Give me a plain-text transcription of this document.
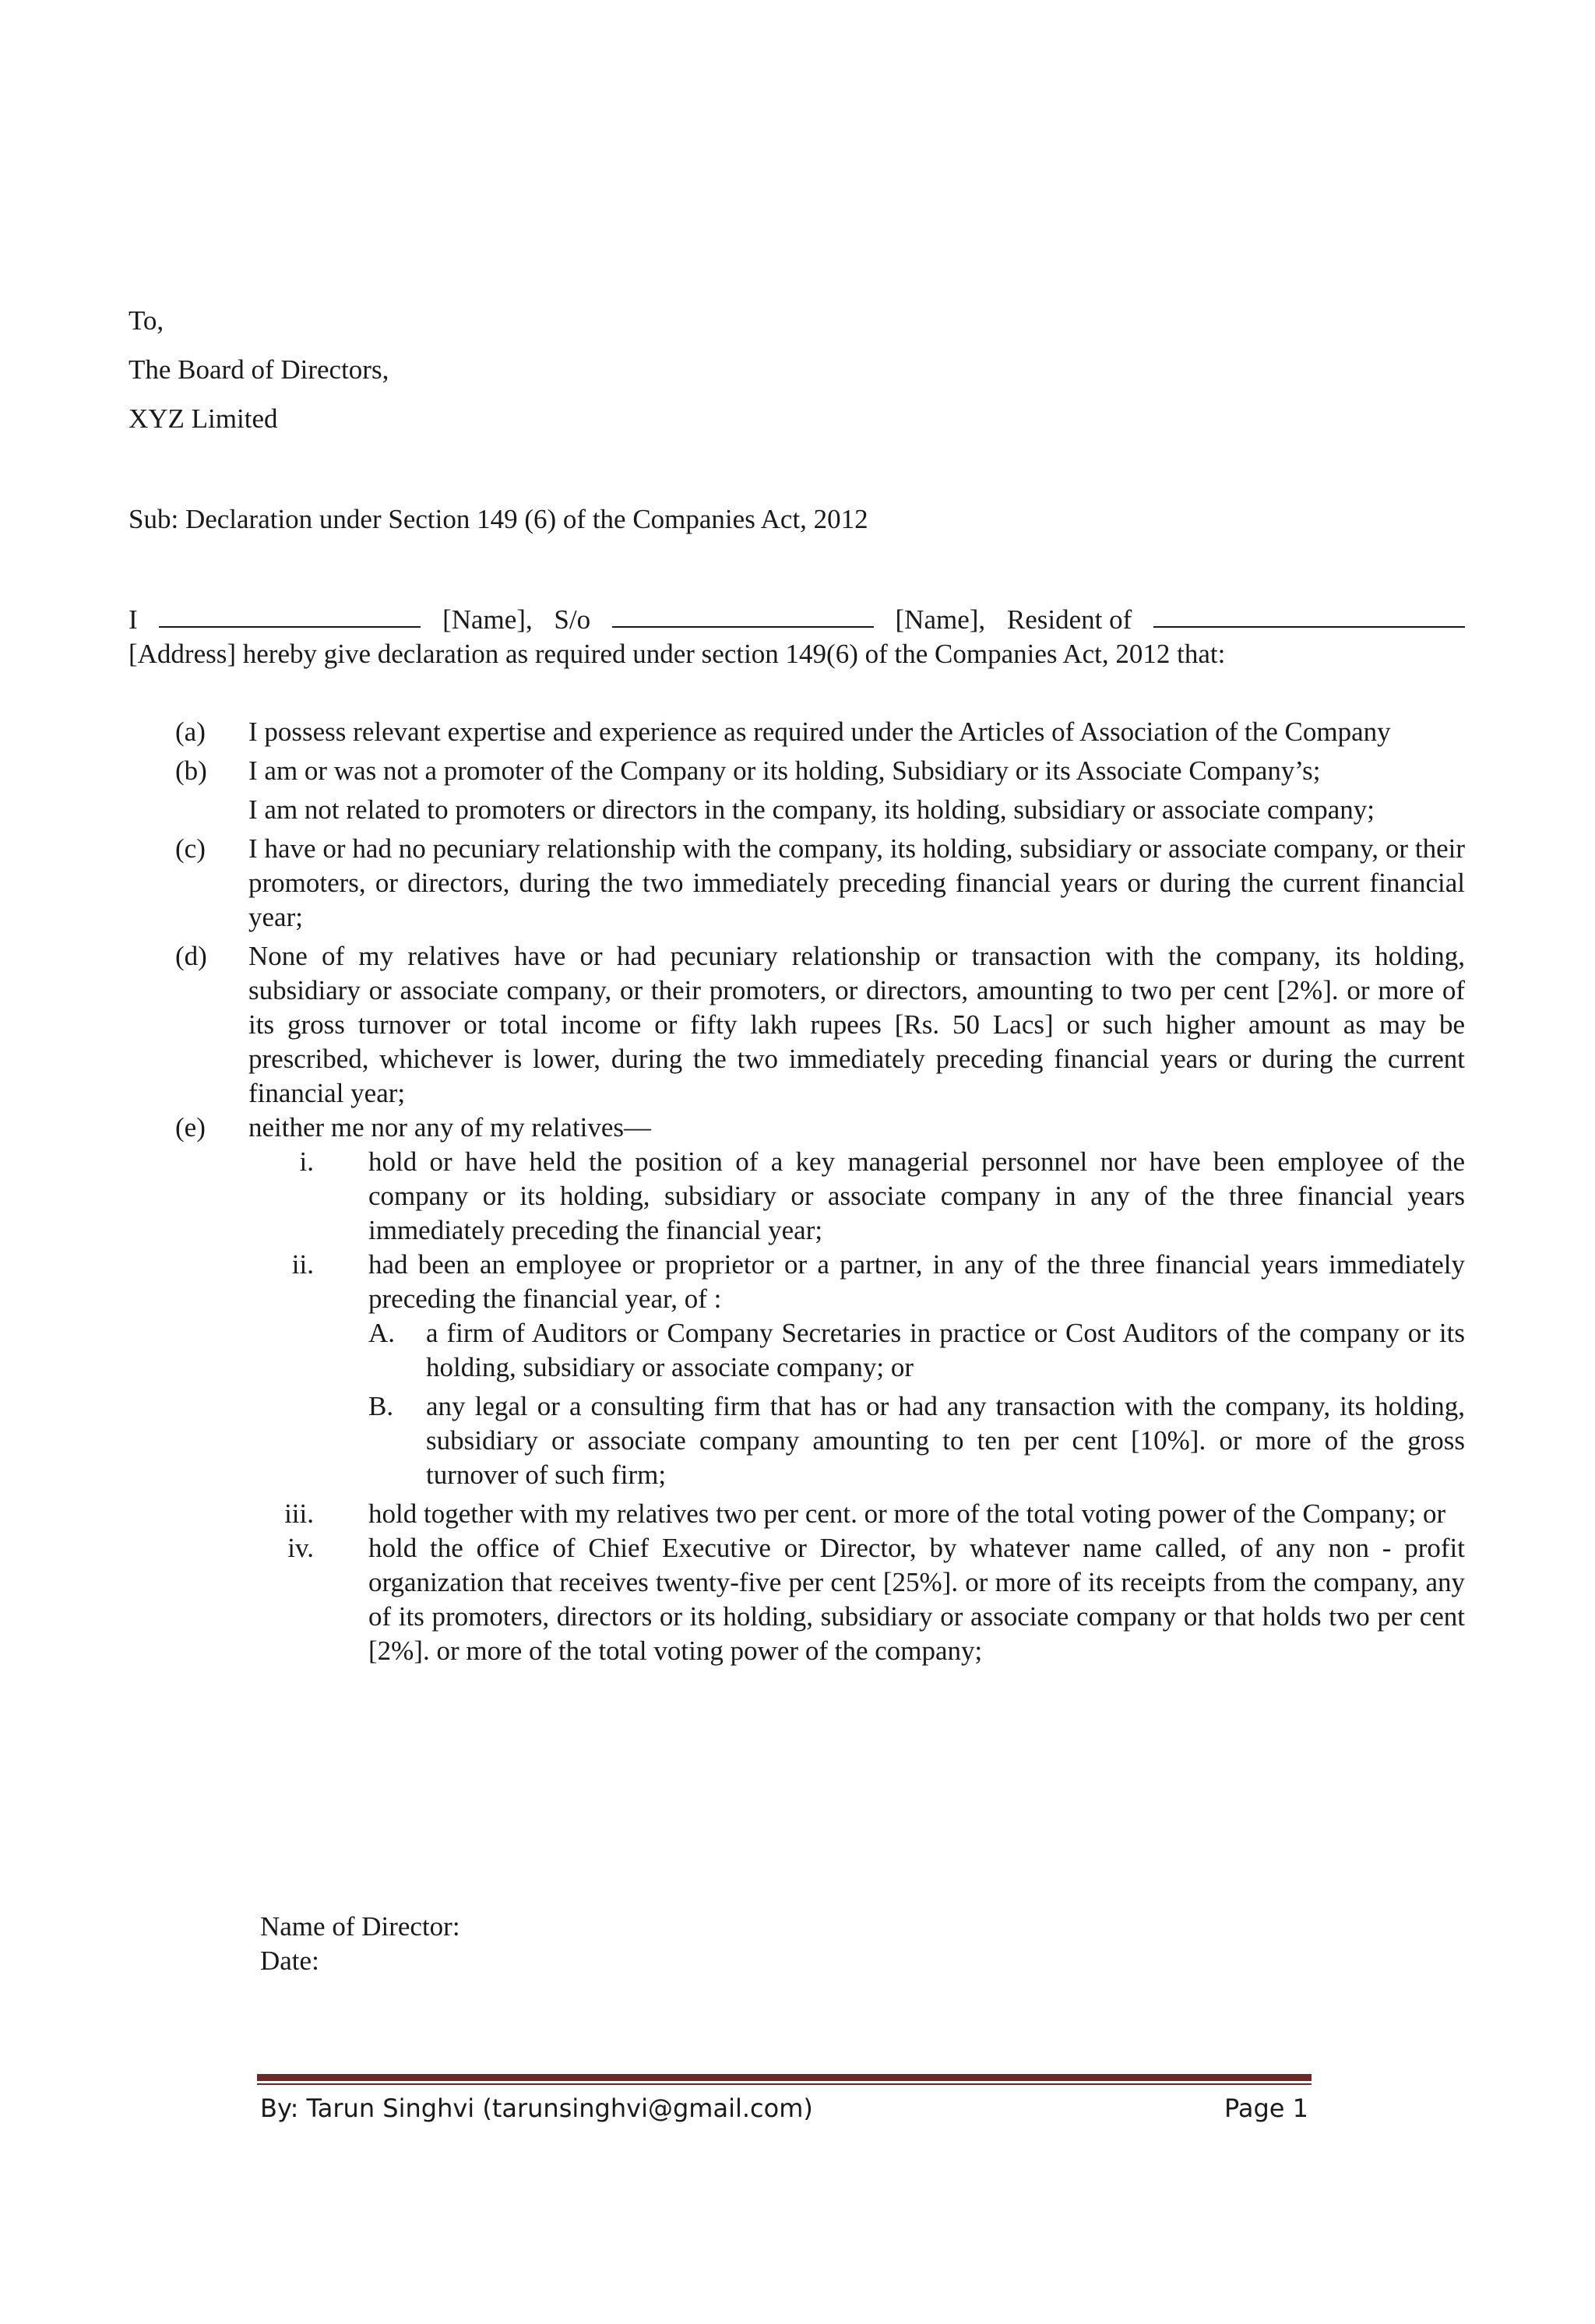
To,
The Board of Directors,
XYZ Limited
Sub: Declaration under Section 149 (6) of the Companies Act, 2012
I	[Name], S/o	[Name], Resident of
[Address] hereby give declaration as required under section 149(6) of the Companies Act, 2012 that:
(a)	I possess relevant expertise and experience as required under the Articles of Association of the Company
(b)	I am or was not a promoter of the Company or its holding, Subsidiary or its Associate Company’s;
I am not related to promoters or directors in the company, its holding, subsidiary or associate company;
(c)	I have or had no pecuniary relationship with the company, its holding, subsidiary or associate company, or their promoters, or directors, during the two immediately preceding financial years or during the current financial year;
(d)	None of my relatives have or had pecuniary relationship or transaction with the company, its holding, subsidiary or associate company, or their promoters, or directors, amounting to two per cent [2%]. or more of its gross turnover or total income or fifty lakh rupees [Rs. 50 Lacs] or such higher amount as may be prescribed, whichever is lower, during the two immediately preceding financial years or during the current financial year;
(e)	neither me nor any of my relatives—
i.	hold or have held the position of a key managerial personnel nor have been employee of the company or its holding, subsidiary or associate company in any of the three financial years immediately preceding the financial year;
ii.	had been an employee or proprietor or a partner, in any of the three financial years immediately preceding the financial year, of :
A.	a firm of Auditors or Company Secretaries in practice or Cost Auditors of the company or its holding, subsidiary or associate company; or
B.	any legal or a consulting firm that has or had any transaction with the company, its holding, subsidiary or associate company amounting to ten per cent [10%]. or more of the gross turnover of such firm;
iii.	hold together with my relatives two per cent. or more of the total voting power of the Company; or
iv.	hold the office of Chief Executive or Director, by whatever name called, of any non - profit organization that receives twenty-five per cent [25%]. or more of its receipts from the company, any of its promoters, directors or its holding, subsidiary or associate company or that holds two per cent [2%]. or more of the total voting power of the company;
Name of Director:
Date:
By: Tarun Singhvi (tarunsinghvi@gmail.com)	Page 1
